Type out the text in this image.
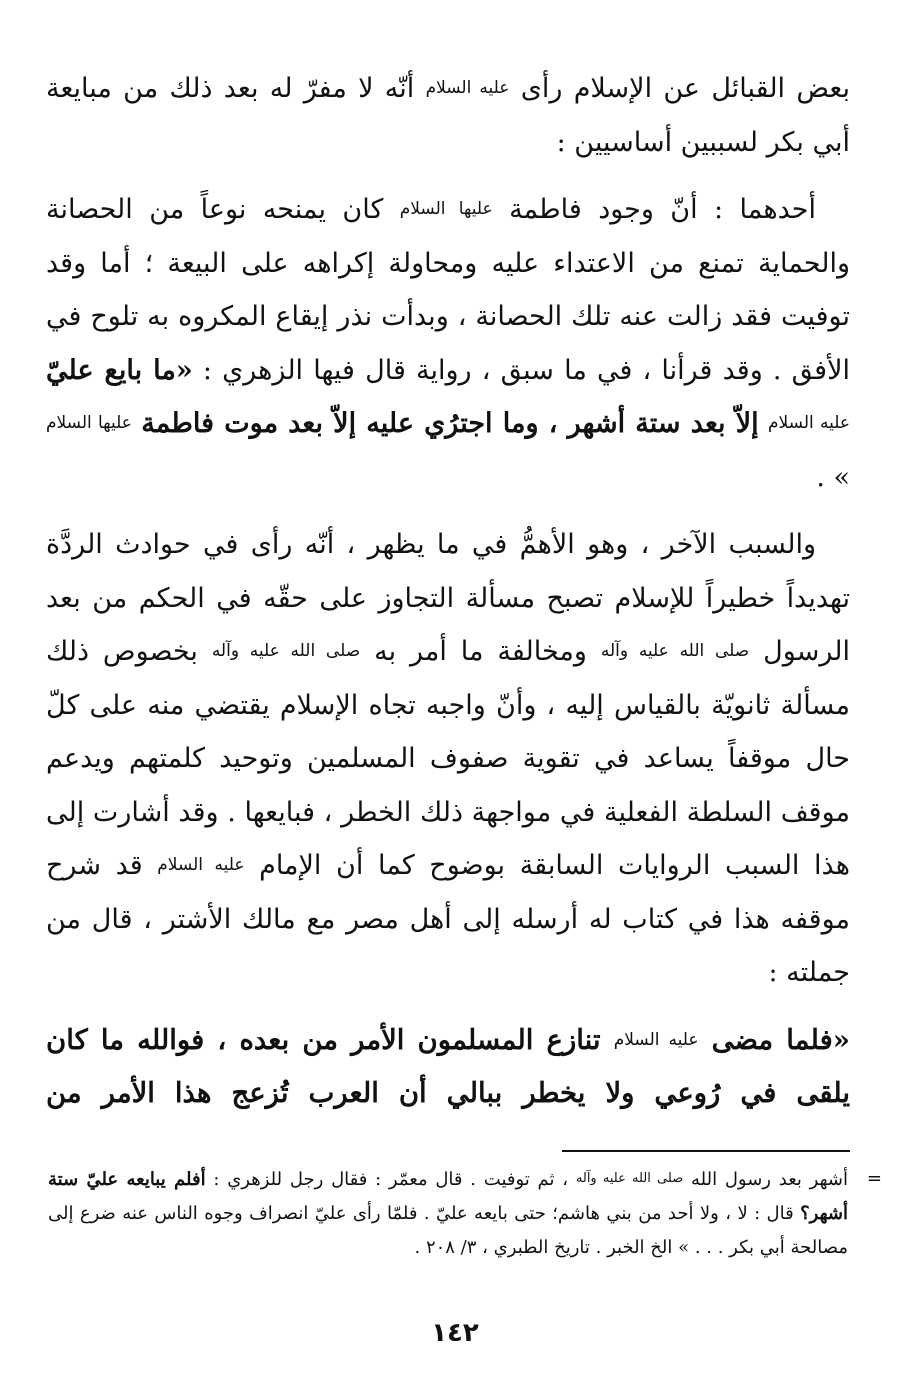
بعض القبائل عن الإسلام رأى عليه السلام أنّه لا مفرّ له بعد ذلك من مبايعة أبي بكر لسببين أساسيين :

أحدهما : أنّ وجود فاطمة عليها السلام كان يمنحه نوعاً من الحصانة والحماية تمنع من الاعتداء عليه ومحاولة إكراهه على البيعة ؛ أما وقد توفيت فقد زالت عنه تلك الحصانة ، وبدأت نذر إيقاع المكروه به تلوح في الأفق . وقد قرأنا ، في ما سبق ، رواية قال فيها الزهري : «ما بايع عليّ عليه السلام إلاّ بعد ستة أشهر ، وما اجترُي عليه إلاّ بعد موت فاطمة عليها السلام » .

والسبب الآخر ، وهو الأهمُّ في ما يظهر ، أنّه رأى في حوادث الردَّة تهديداً خطيراً للإسلام تصبح مسألة التجاوز على حقّه في الحكم من بعد الرسول صلى الله عليه وآله ومخالفة ما أمر به صلى الله عليه وآله بخصوص ذلك مسألة ثانويّة بالقياس إليه ، وأنّ واجبه تجاه الإسلام يقتضي منه على كلّ حال موقفاً يساعد في تقوية صفوف المسلمين وتوحيد كلمتهم ويدعم موقف السلطة الفعلية في مواجهة ذلك الخطر ، فبايعها . وقد أشارت إلى هذا السبب الروايات السابقة بوضوح كما أن الإمام عليه السلام قد شرح موقفه هذا في كتاب له أرسله إلى أهل مصر مع مالك الأشتر ، قال من جملته :

«فلما مضى عليه السلام تنازع المسلمون الأمر من بعده ، فوالله ما كان يلقى في رُوعي ولا يخطر ببالي أن العرب تُزعج هذا الأمر من

=
أشهر بعد رسول الله صلى الله عليه وآله ، ثم توفيت . قال معمّر : فقال رجل للزهري : أفلم يبايعه عليّ ستة أشهر؟ قال : لا ، ولا أحد من بني هاشم؛ حتى بايعه عليّ . فلمّا رأى عليّ انصراف وجوه الناس عنه ضرع إلى مصالحة أبي بكر . . . » الخ الخبر . تاريخ الطبري ، ٣/ ٢٠٨ .
١٤٢
